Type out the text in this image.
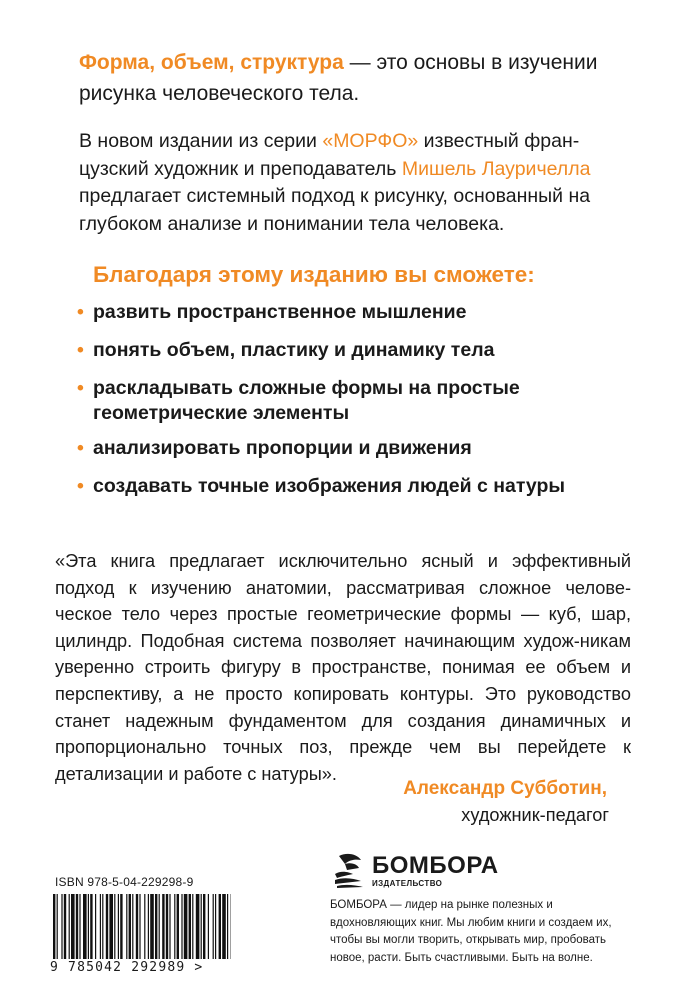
Форма, объем, структура — это основы в изучении рисунка человеческого тела.
В новом издании из серии «МОРФО» известный фран-цузский художник и преподаватель Мишель Лауричелла предлагает системный подход к рисунку, основанный на глубоком анализе и понимании тела человека.
Благодаря этому изданию вы сможете:
• развить пространственное мышление
• понять объем, пластику и динамику тела
• раскладывать сложные формы на простые геометрические элементы
• анализировать пропорции и движения
• создавать точные изображения людей с натуры
«Эта книга предлагает исключительно ясный и эффективный подход к изучению анатомии, рассматривая сложное челове-ческое тело через простые геометрические формы — куб, шар, цилиндр. Подобная система позволяет начинающим худож-никам уверенно строить фигуру в пространстве, понимая ее объем и перспективу, а не просто копировать контуры. Это руководство станет надежным фундаментом для создания динамичных и пропорционально точных поз, прежде чем вы перейдете к детализации и работе с натуры».
Александр Субботин,
художник-педагог
ISBN 978-5-04-229298-9
9 785042 292989 >
БОМБОРА
ИЗДАТЕЛЬСТВО
БОМБОРА — лидер на рынке полезных и вдохновляющих книг. Мы любим книги и создаем их, чтобы вы могли творить, открывать мир, пробовать новое, расти. Быть счастливыми. Быть на волне.
